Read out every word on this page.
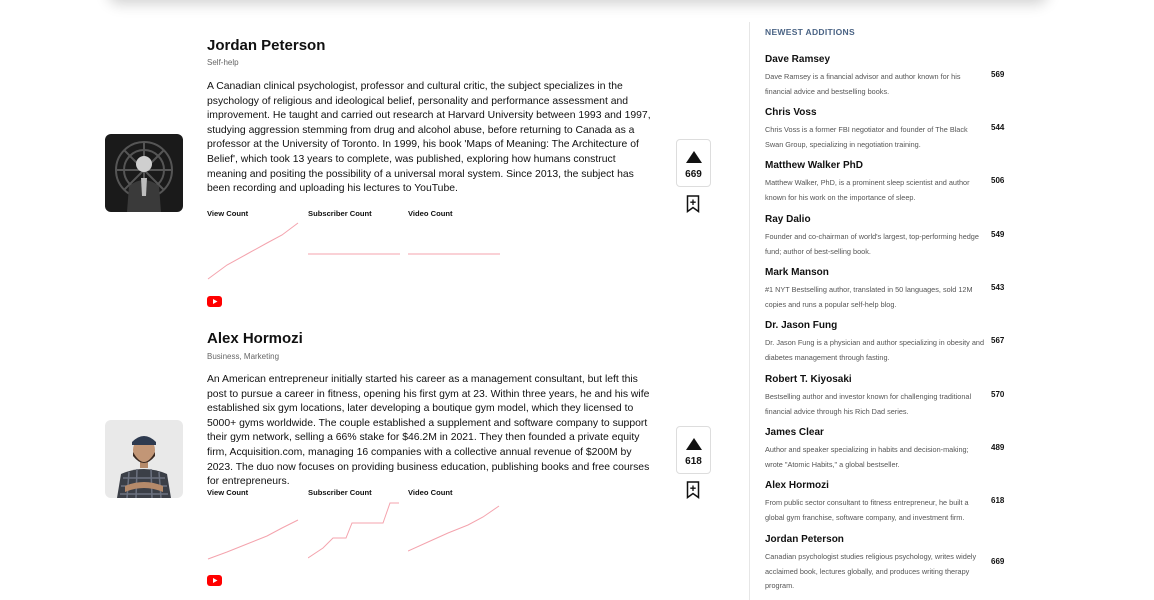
Jordan Peterson
Self-help
A Canadian clinical psychologist, professor and cultural critic, the subject specializes in the psychology of religious and ideological belief, personality and performance assessment and improvement. He taught and carried out research at Harvard University between 1993 and 1997, studying aggression stemming from drug and alcohol abuse, before returning to Canada as a professor at the University of Toronto. In 1999, his book 'Maps of Meaning: The Architecture of Belief', which took 13 years to complete, was published, exploring how humans construct meaning and positing the possibility of a universal moral system. Since 2013, the subject has been recording and uploading his lectures to YouTube.
View Count	Subscriber Count	Video Count
669
Alex Hormozi
Business, Marketing
An American entrepreneur initially started his career as a management consultant, but left this post to pursue a career in fitness, opening his first gym at 23. Within three years, he and his wife established six gym locations, later developing a boutique gym model, which they licensed to 5000+ gyms worldwide. The couple established a supplement and software company to support their gym network, selling a 66% stake for $46.2M in 2021. They then founded a private equity firm, Acquisition.com, managing 16 companies with a collective annual revenue of $200M by 2023. The duo now focuses on providing business education, publishing books and free courses for entrepreneurs.
View Count	Subscriber Count	Video Count
618
NEWEST ADDITIONS
Dave Ramsey
Dave Ramsey is a financial advisor and author known for his financial advice and bestselling books.
569
Chris Voss
Chris Voss is a former FBI negotiator and founder of The Black Swan Group, specializing in negotiation training.
544
Matthew Walker PhD
Matthew Walker, PhD, is a prominent sleep scientist and author known for his work on the importance of sleep.
506
Ray Dalio
Founder and co-chairman of world's largest, top-performing hedge fund; author of best-selling book.
549
Mark Manson
#1 NYT Bestselling author, translated in 50 languages, sold 12M copies and runs a popular self-help blog.
543
Dr. Jason Fung
Dr. Jason Fung is a physician and author specializing in obesity and diabetes management through fasting.
567
Robert T. Kiyosaki
Bestselling author and investor known for challenging traditional financial advice through his Rich Dad series.
570
James Clear
Author and speaker specializing in habits and decision-making; wrote "Atomic Habits," a global bestseller.
489
Alex Hormozi
From public sector consultant to fitness entrepreneur, he built a global gym franchise, software company, and investment firm.
618
Jordan Peterson
Canadian psychologist studies religious psychology, writes widely acclaimed book, lectures globally, and produces writing therapy program.
669
